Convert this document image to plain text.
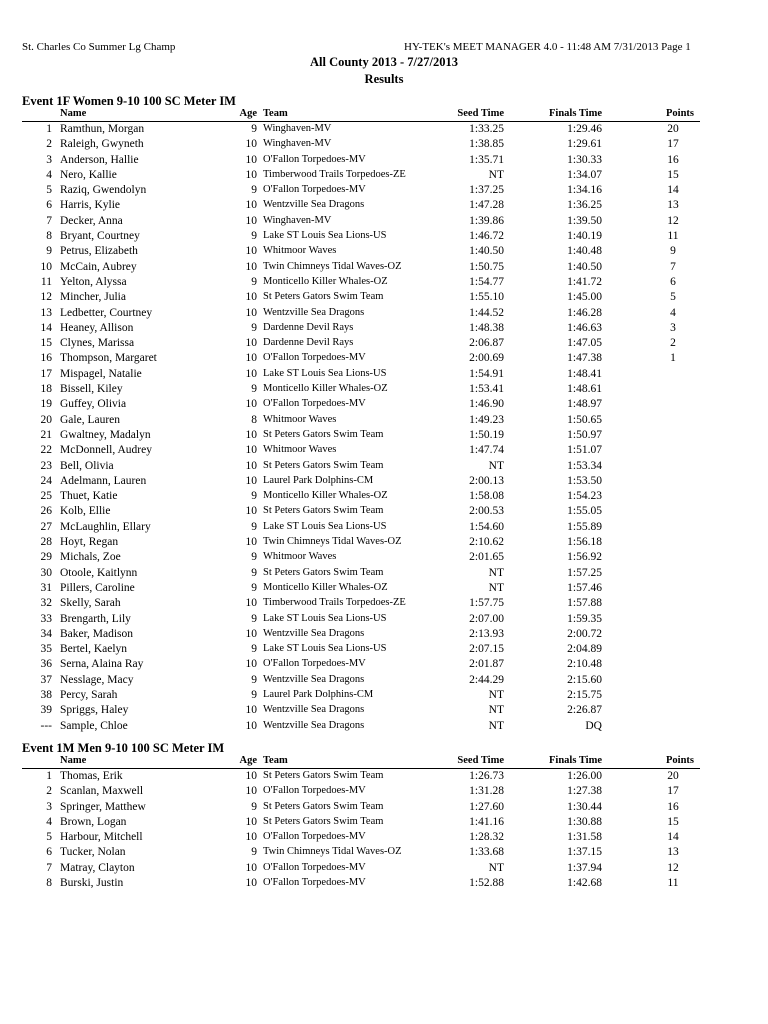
St. Charles Co Summer Lg Champ	HY-TEK's MEET MANAGER 4.0 - 11:48 AM 7/31/2013 Page 1
All County 2013 - 7/27/2013
Results
Event 1F Women 9-10 100 SC Meter IM
Name	Age Team	Seed Time	Finals Time	Points
1 Ramthun, Morgan	9 Winghaven-MV	1:33.25	1:29.46	20
2 Raleigh, Gwyneth	10 Winghaven-MV	1:38.85	1:29.61	17
3 Anderson, Hallie	10 O'Fallon Torpedoes-MV	1:35.71	1:30.33	16
4 Nero, Kallie	10 Timberwood Trails Torpedoes-ZE	NT	1:34.07	15
5 Raziq, Gwendolyn	9 O'Fallon Torpedoes-MV	1:37.25	1:34.16	14
6 Harris, Kylie	10 Wentzville Sea Dragons	1:47.28	1:36.25	13
7 Decker, Anna	10 Winghaven-MV	1:39.86	1:39.50	12
8 Bryant, Courtney	9 Lake ST Louis Sea Lions-US	1:46.72	1:40.19	11
9 Petrus, Elizabeth	10 Whitmoor Waves	1:40.50	1:40.48	9
10 McCain, Aubrey	10 Twin Chimneys Tidal Waves-OZ	1:50.75	1:40.50	7
11 Yelton, Alyssa	9 Monticello Killer Whales-OZ	1:54.77	1:41.72	6
12 Mincher, Julia	10 St Peters Gators Swim Team	1:55.10	1:45.00	5
13 Ledbetter, Courtney	10 Wentzville Sea Dragons	1:44.52	1:46.28	4
14 Heaney, Allison	9 Dardenne Devil Rays	1:48.38	1:46.63	3
15 Clynes, Marissa	10 Dardenne Devil Rays	2:06.87	1:47.05	2
16 Thompson, Margaret	10 O'Fallon Torpedoes-MV	2:00.69	1:47.38	1
17 Mispagel, Natalie	10 Lake ST Louis Sea Lions-US	1:54.91	1:48.41
18 Bissell, Kiley	9 Monticello Killer Whales-OZ	1:53.41	1:48.61
19 Guffey, Olivia	10 O'Fallon Torpedoes-MV	1:46.90	1:48.97
20 Gale, Lauren	8 Whitmoor Waves	1:49.23	1:50.65
21 Gwaltney, Madalyn	10 St Peters Gators Swim Team	1:50.19	1:50.97
22 McDonnell, Audrey	10 Whitmoor Waves	1:47.74	1:51.07
23 Bell, Olivia	10 St Peters Gators Swim Team	NT	1:53.34
24 Adelmann, Lauren	10 Laurel Park Dolphins-CM	2:00.13	1:53.50
25 Thuet, Katie	9 Monticello Killer Whales-OZ	1:58.08	1:54.23
26 Kolb, Ellie	10 St Peters Gators Swim Team	2:00.53	1:55.05
27 McLaughlin, Ellary	9 Lake ST Louis Sea Lions-US	1:54.60	1:55.89
28 Hoyt, Regan	10 Twin Chimneys Tidal Waves-OZ	2:10.62	1:56.18
29 Michals, Zoe	9 Whitmoor Waves	2:01.65	1:56.92
30 Otoole, Kaitlynn	9 St Peters Gators Swim Team	NT	1:57.25
31 Pillers, Caroline	9 Monticello Killer Whales-OZ	NT	1:57.46
32 Skelly, Sarah	10 Timberwood Trails Torpedoes-ZE	1:57.75	1:57.88
33 Brengarth, Lily	9 Lake ST Louis Sea Lions-US	2:07.00	1:59.35
34 Baker, Madison	10 Wentzville Sea Dragons	2:13.93	2:00.72
35 Bertel, Kaelyn	9 Lake ST Louis Sea Lions-US	2:07.15	2:04.89
36 Serna, Alaina Ray	10 O'Fallon Torpedoes-MV	2:01.87	2:10.48
37 Nesslage, Macy	9 Wentzville Sea Dragons	2:44.29	2:15.60
38 Percy, Sarah	9 Laurel Park Dolphins-CM	NT	2:15.75
39 Spriggs, Haley	10 Wentzville Sea Dragons	NT	2:26.87
--- Sample, Chloe	10 Wentzville Sea Dragons	NT	DQ
Event 1M Men 9-10 100 SC Meter IM
Name	Age Team	Seed Time	Finals Time	Points
1 Thomas, Erik	10 St Peters Gators Swim Team	1:26.73	1:26.00	20
2 Scanlan, Maxwell	10 O'Fallon Torpedoes-MV	1:31.28	1:27.38	17
3 Springer, Matthew	9 St Peters Gators Swim Team	1:27.60	1:30.44	16
4 Brown, Logan	10 St Peters Gators Swim Team	1:41.16	1:30.88	15
5 Harbour, Mitchell	10 O'Fallon Torpedoes-MV	1:28.32	1:31.58	14
6 Tucker, Nolan	9 Twin Chimneys Tidal Waves-OZ	1:33.68	1:37.15	13
7 Matray, Clayton	10 O'Fallon Torpedoes-MV	NT	1:37.94	12
8 Burski, Justin	10 O'Fallon Torpedoes-MV	1:52.88	1:42.68	11
